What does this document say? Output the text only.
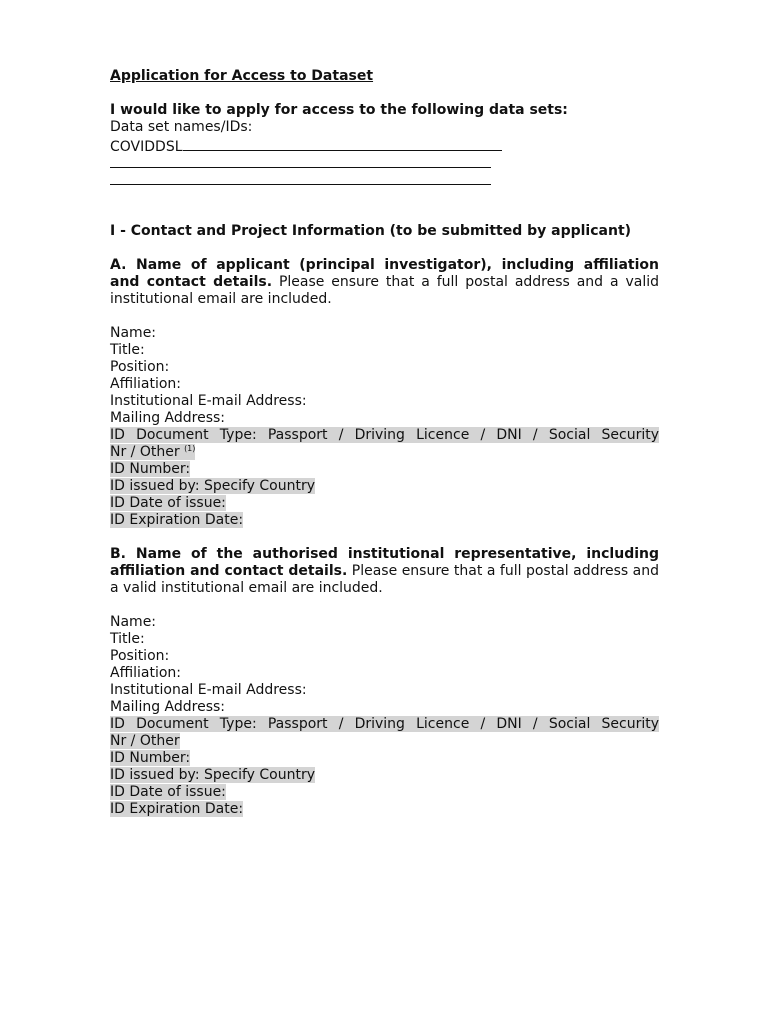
Application for Access to Dataset
I would like to apply for access to the following data sets:
Data set names/IDs:
COVIDDSL
I - Contact and Project Information (to be submitted by applicant)
A. Name of applicant (principal investigator), including affiliation and contact details. Please ensure that a full postal address and a valid institutional email are included.
Name:
Title:
Position:
Affiliation:
Institutional E-mail Address:
Mailing Address:
ID Document Type: Passport / Driving Licence / DNI / Social Security
Nr / Other $^{(1)}$
ID Number:
ID issued by: Specify Country
ID Date of issue:
ID Expiration Date:
B. Name of the authorised institutional representative, including affiliation and contact details. Please ensure that a full postal address and a valid institutional email are included.
Name:
Title:
Position:
Affiliation:
Institutional E-mail Address:
Mailing Address:
ID Document Type: Passport / Driving Licence / DNI / Social Security
Nr / Other
ID Number:
ID issued by: Specify Country
ID Date of issue:
ID Expiration Date:
